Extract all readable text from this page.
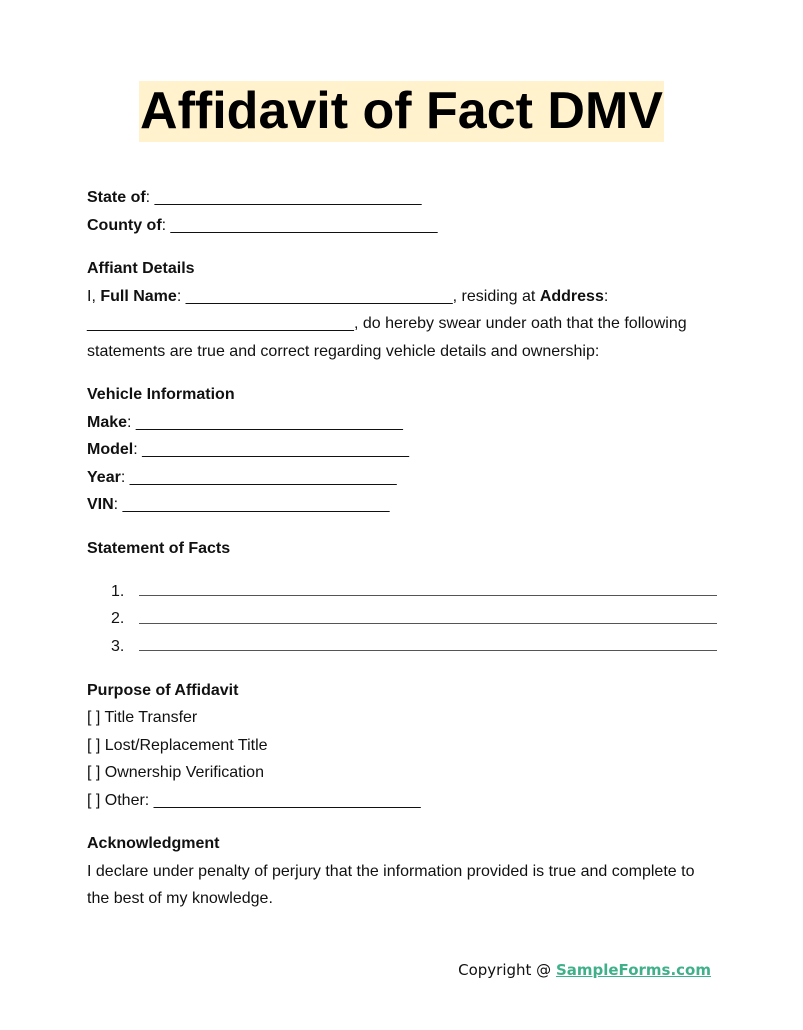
Affidavit of Fact DMV
State of: ______________________________
County of: ______________________________
Affiant Details
I, Full Name: ______________________________, residing at Address: ______________________________, do hereby swear under oath that the following statements are true and correct regarding vehicle details and ownership:
Vehicle Information
Make: ______________________________
Model: ______________________________
Year: ______________________________
VIN: ______________________________
Statement of Facts
1.
2.
3.
Purpose of Affidavit
[ ] Title Transfer
[ ] Lost/Replacement Title
[ ] Ownership Verification
[ ] Other: ______________________________
Acknowledgment
I declare under penalty of perjury that the information provided is true and complete to the best of my knowledge.
Copyright @ SampleForms.com
